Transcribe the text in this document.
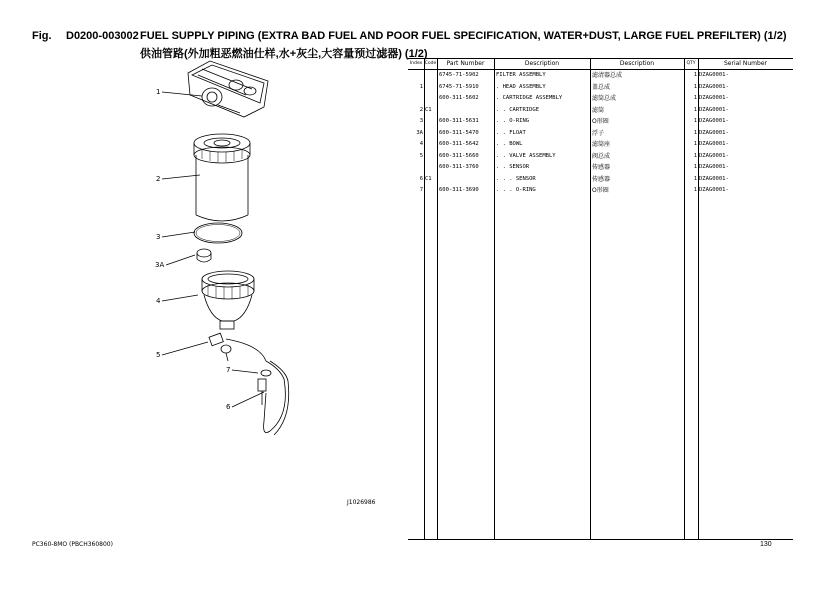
Fig. D0200-003002 FUEL SUPPLY PIPING (EXTRA BAD FUEL AND POOR FUEL SPECIFICATION, WATER+DUST, LARGE FUEL PREFILTER) (1/2)
供油管路(外加粗恶燃油仕样,水+灰尘,大容量预过滤器) (1/2)
1
2
3
3A
4
5
7
6
J1026986
Index Code	Part Number	Description	Description	QTY	Serial Number
6745-71-5902	FILTER ASSEMBLY	滤清器总成	1 DZAG0001-
1	6745-71-5910	. HEAD ASSEMBLY	盖总成	1 DZAG0001-
600-311-5602	. CARTRIDGE ASSEMBLY	滤筒总成	1 DZAG0001-
2 C1	. . CARTRIDGE	滤筒	1 DZAG0001-
3	600-311-5631	. . O-RING	O形圈	1 DZAG0001-
3A	600-311-5470	. . FLOAT	浮子	1 DZAG0001-
4	600-311-5642	. . BOWL	滤筒座	1 DZAG0001-
5	600-311-5660	. . VALVE ASSEMBLY	阀总成	1 DZAG0001-
600-311-3760	. . SENSOR	传感器	1 DZAG0001-
6 C1	. . . SENSOR	传感器	1 DZAG0001-
7	600-311-3690	. . . O-RING	O形圈	1 DZAG0001-
PC360-8MO (PBCH360800)	130
